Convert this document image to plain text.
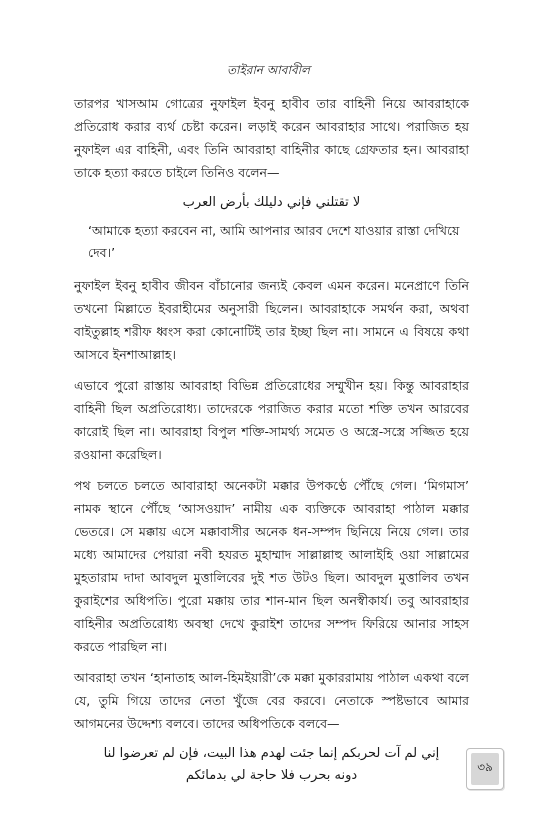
তাইরান আবাবীল

তারপর খাসআম গোত্রের নুফাইল ইবনু হাবীব তার বাহিনী নিয়ে আবরাহাকে প্রতিরোধ করার ব্যর্থ চেষ্টা করেন। লড়াই করেন আবরাহার সাথে। পরাজিত হয় নুফাইল এর বাহিনী, এবং তিনি আবরাহা বাহিনীর কাছে গ্রেফতার হন। আবরাহা তাকে হত্যা করতে চাইলে তিনিও বলেন—

لا تقتلني فإني دليلك بأرض العرب

‘আমাকে হত্যা করবেন না, আমি আপনার আরব দেশে যাওয়ার রাস্তা দেখিয়ে দেব।’

নুফাইল ইবনু হাবীব জীবন বাঁচানোর জন্যই কেবল এমন করেন। মনেপ্রাণে তিনি তখনো মিল্লাতে ইবরাহীমের অনুসারী ছিলেন। আবরাহাকে সমর্থন করা, অথবা বাইতুল্লাহ শরীফ ধ্বংস করা কোনোটিই তার ইচ্ছা ছিল না। সামনে এ বিষয়ে কথা আসবে ইনশাআল্লাহ।

এভাবে পুরো রাস্তায় আবরাহা বিভিন্ন প্রতিরোধের সম্মুখীন হয়। কিন্তু আবরাহার বাহিনী ছিল অপ্রতিরোধ্য। তাদেরকে পরাজিত করার মতো শক্তি তখন আরবের কারোই ছিল না। আবরাহা বিপুল শক্তি-সামর্থ্য সমেত ও অস্ত্রে-সস্ত্রে সজ্জিত হয়ে রওয়ানা করেছিল।

পথ চলতে চলতে আবারাহা অনেকটা মক্কার উপকণ্ঠে পৌঁছে গেল। ‘মিগমাস’ নামক স্থানে পৌঁছে ‘আসওয়াদ’ নামীয় এক ব্যক্তিকে আবরাহা পাঠাল মক্কার ভেতরে। সে মক্কায় এসে মক্কাবাসীর অনেক ধন-সম্পদ ছিনিয়ে নিয়ে গেল। তার মধ্যে আমাদের পেয়ারা নবী হযরত মুহাম্মাদ সাল্লাল্লাহু আলাইহি ওয়া সাল্লামের মুহতারাম দাদা আবদুল মুত্তালিবের দুই শত উটও ছিল। আবদুল মুত্তালিব তখন কুরাইশের অধিপতি। পুরো মক্কায় তার শান-মান ছিল অনস্বীকার্য। তবু আবরাহার বাহিনীর অপ্রতিরোধ্য অবস্থা দেখে কুরাইশ তাদের সম্পদ ফিরিয়ে আনার সাহস করতে পারছিল না।

আবরাহা তখন ‘হানাতাহ আল-হিমইয়ারী’কে মক্কা মুকাররামায় পাঠাল একথা বলে যে, তুমি গিয়ে তাদের নেতা খুঁজে বের করবে। নেতাকে স্পষ্টভাবে আমার আগমনের উদ্দেশ্য বলবে। তাদের অধিপতিকে বলবে—

إني لم آت لحربكم إنما جئت لهدم هذا البيت، فإن لم تعرضوا لنا

دونه بحرب فلا حاجة لي بدمائكم

৩৯
